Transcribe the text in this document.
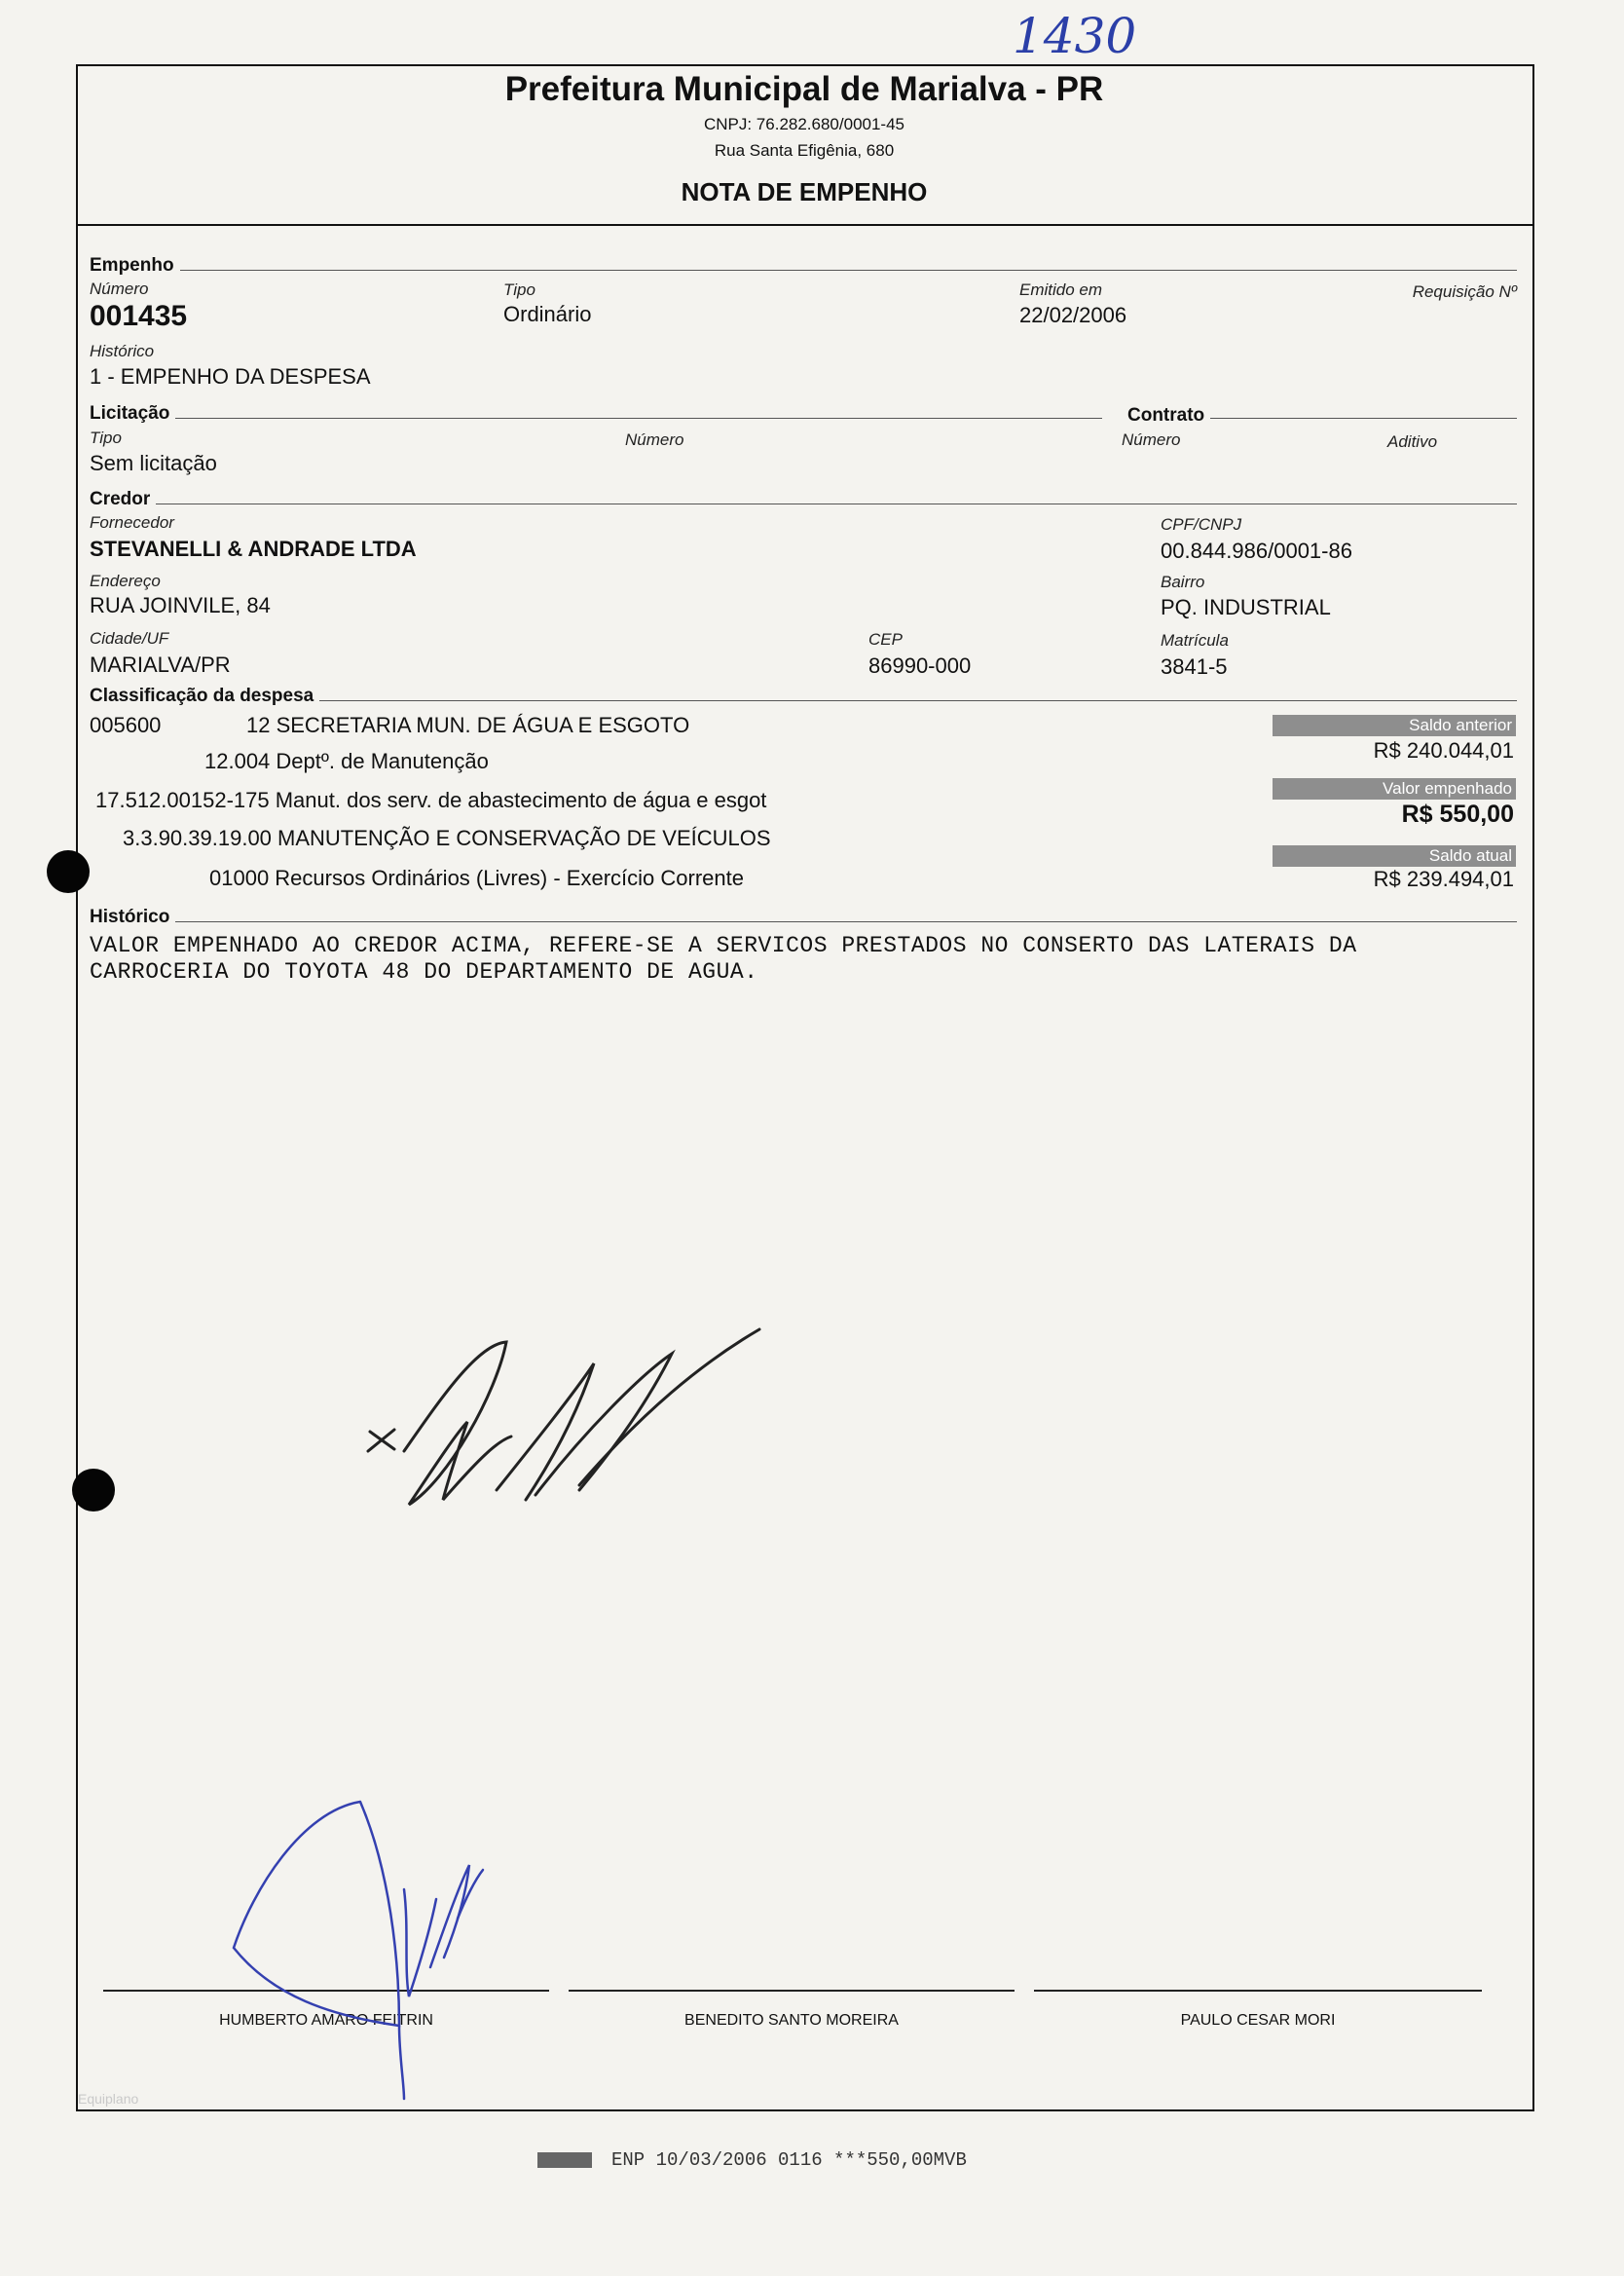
1430
Prefeitura Municipal de Marialva - PR
CNPJ: 76.282.680/0001-45
Rua Santa Efigênia, 680
NOTA DE EMPENHO
Empenho
Número
001435
Tipo
Ordinário
Emitido em
22/02/2006
Requisição Nº
Histórico
1 - EMPENHO DA DESPESA
Licitação	Contrato
Tipo
Sem licitação
Número	Número	Aditivo
Credor
Fornecedor
STEVANELLI & ANDRADE LTDA
CPF/CNPJ
00.844.986/0001-86
Endereço
RUA JOINVILE, 84
Bairro
PQ. INDUSTRIAL
Cidade/UF
MARIALVA/PR
CEP
86990-000
Matrícula
3841-5
Classificação da despesa
005600	12 SECRETARIA MUN. DE ÁGUA E ESGOTO
12.004 Deptº. de Manutenção
17.512.00152-175 Manut. dos serv. de abastecimento de água e esgot
3.3.90.39.19.00 MANUTENÇÃO E CONSERVAÇÃO DE VEÍCULOS
01000 Recursos Ordinários (Livres) - Exercício Corrente
Saldo anterior
R$ 240.044,01
Valor empenhado
R$ 550,00
Saldo atual
R$ 239.494,01
Histórico
VALOR EMPENHADO AO CREDOR ACIMA, REFERE-SE A SERVICOS PRESTADOS NO CONSERTO DAS LATERAIS DA
CARROCERIA DO TOYOTA 48 DO DEPARTAMENTO DE AGUA.
HUMBERTO AMARO FEITRIN	BENEDITO SANTO MOREIRA	PAULO CESAR MORI
Equiplano
ENP 10/03/2006 0116 ***550,00MVB
